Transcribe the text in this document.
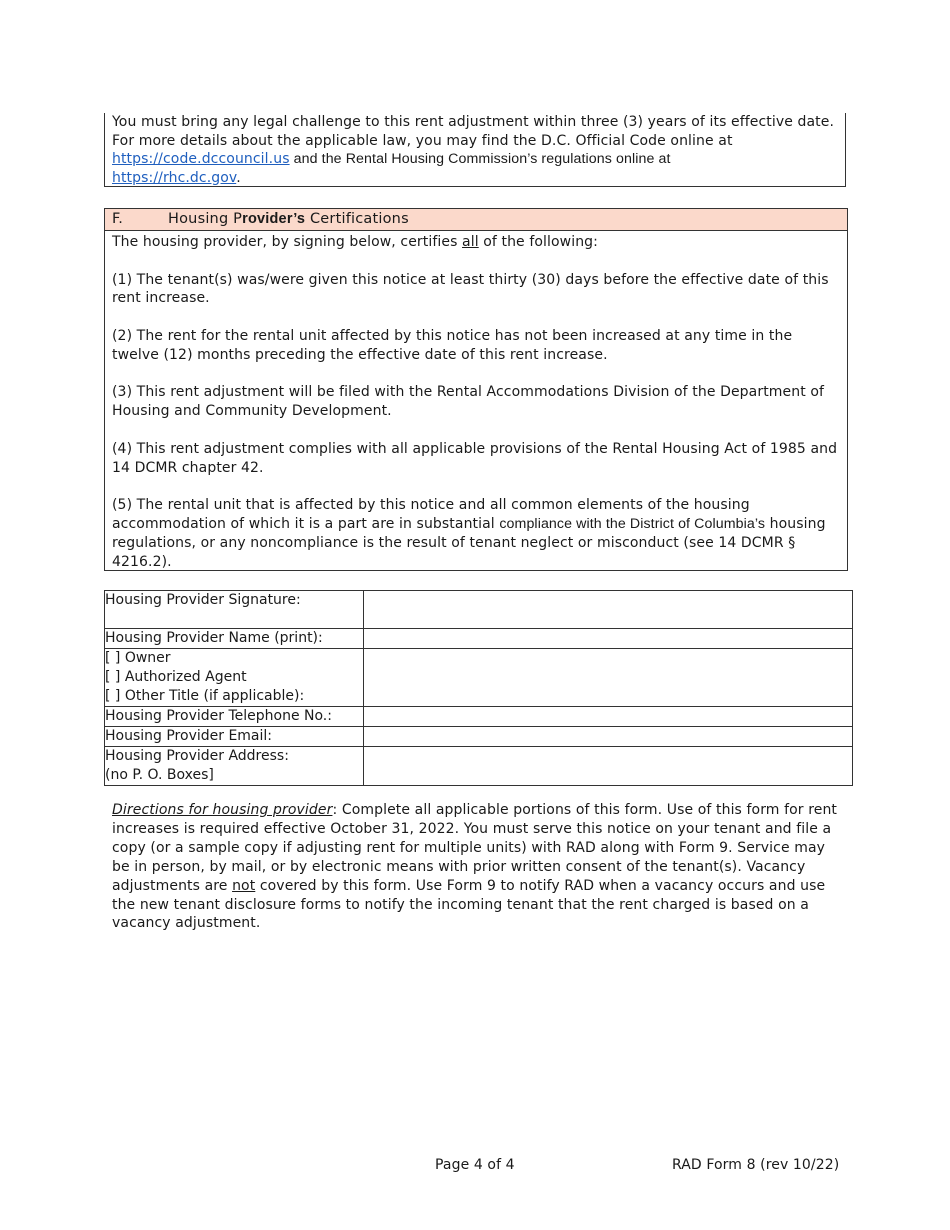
You must bring any legal challenge to this rent adjustment within three (3) years of its effective date.

For more details about the applicable law, you may find the D.C. Official Code online at

https://code.dccouncil.us and the Rental Housing Commission’s regulations online at

https://rhc.dc.gov.

F.	Housing Provider’s Certifications

The housing provider, by signing below, certifies all of the following:

(1) The tenant(s) was/were given this notice at least thirty (30) days before the effective date of this rent increase.

(2) The rent for the rental unit affected by this notice has not been increased at any time in the twelve (12) months preceding the effective date of this rent increase.

(3) This rent adjustment will be filed with the Rental Accommodations Division of the Department of Housing and Community Development.

(4) This rent adjustment complies with all applicable provisions of the Rental Housing Act of 1985 and 14 DCMR chapter 42.

(5) The rental unit that is affected by this notice and all common elements of the housing accommodation of which it is a part are in substantial compliance with the District of Columbia’s housing regulations, or any noncompliance is the result of tenant neglect or misconduct (see 14 DCMR § 4216.2).

Housing Provider Signature:	
Housing Provider Name (print):	

[ ] Owner
[ ] Authorized Agent
[ ] Other Title (if applicable):	

Housing Provider Telephone No.:	
Housing Provider Email:	

Housing Provider Address:
(no P. O. Boxes]	

Directions for housing provider: Complete all applicable portions of this form. Use of this form for rent increases is required effective October 31, 2022. You must serve this notice on your tenant and file a copy (or a sample copy if adjusting rent for multiple units) with RAD along with Form 9. Service may be in person, by mail, or by electronic means with prior written consent of the tenant(s). Vacancy adjustments are not covered by this form. Use Form 9 to notify RAD when a vacancy occurs and use the new tenant disclosure forms to notify the incoming tenant that the rent charged is based on a vacancy adjustment.

Page 4 of 4	RAD Form 8 (rev 10/22)
